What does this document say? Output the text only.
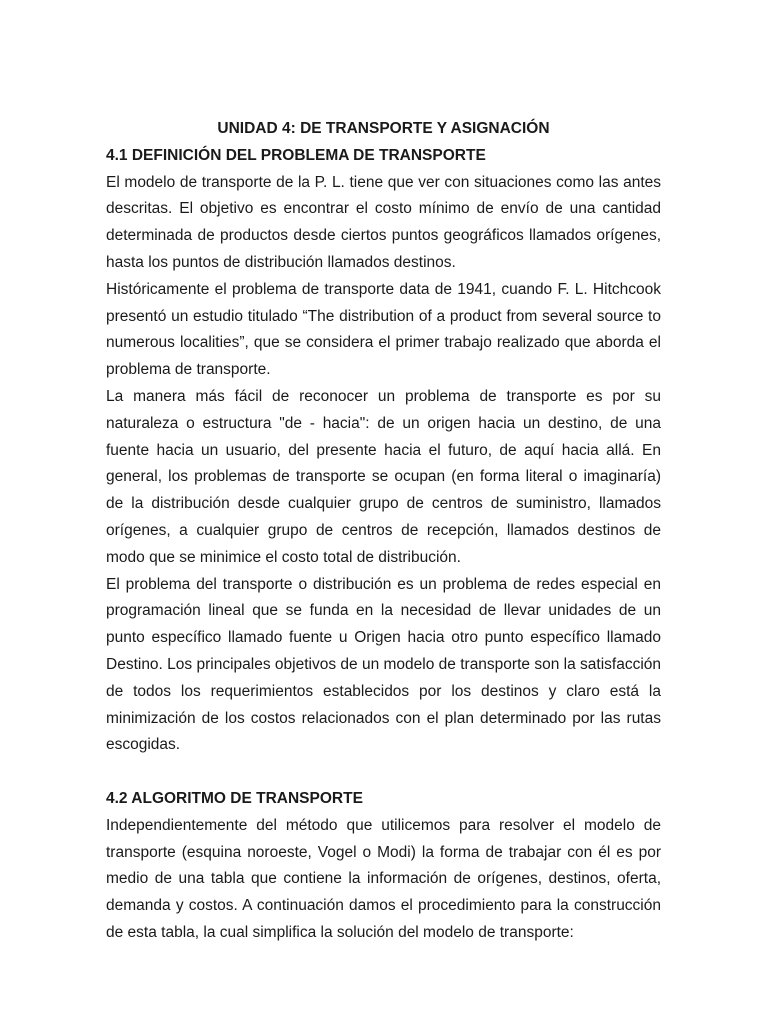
UNIDAD 4: DE TRANSPORTE Y ASIGNACIÓN

4.1 DEFINICIÓN DEL PROBLEMA DE TRANSPORTE

El modelo de transporte de la P. L. tiene que ver con situaciones como las antes descritas. El objetivo es encontrar el costo mínimo de envío de una cantidad determinada de productos desde ciertos puntos geográficos llamados orígenes, hasta los puntos de distribución llamados destinos.

Históricamente el problema de transporte data de 1941, cuando F. L. Hitchcook presentó un estudio titulado “The distribution of a product from several source to numerous localities”, que se considera el primer trabajo realizado que aborda el problema de transporte.

La manera más fácil de reconocer un problema de transporte es por su naturaleza o estructura "de - hacia": de un origen hacia un destino, de una fuente hacia un usuario, del presente hacia el futuro, de aquí hacia allá. En general, los problemas de transporte se ocupan (en forma literal o imaginaría) de la distribución desde cualquier grupo de centros de suministro, llamados orígenes, a cualquier grupo de centros de recepción, llamados destinos de modo que se minimice el costo total de distribución.

El problema del transporte o distribución es un problema de redes especial en programación lineal que se funda en la necesidad de llevar unidades de un punto específico llamado fuente u Origen hacia otro punto específico llamado Destino. Los principales objetivos de un modelo de transporte son la satisfacción de todos los requerimientos establecidos por los destinos y claro está la minimización de los costos relacionados con el plan determinado por las rutas escogidas.

4.2 ALGORITMO DE TRANSPORTE

Independientemente del método que utilicemos para resolver el modelo de transporte (esquina noroeste, Vogel o Modi) la forma de trabajar con él es por medio de una tabla que contiene la información de orígenes, destinos, oferta, demanda y costos. A continuación damos el procedimiento para la construcción de esta tabla, la cual simplifica la solución del modelo de transporte:
